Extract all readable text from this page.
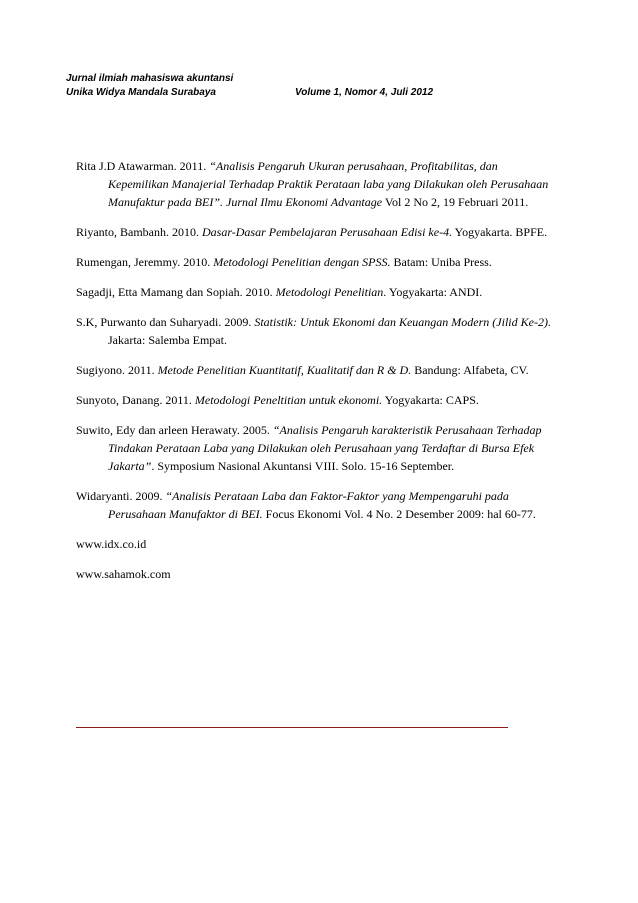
Jurnal ilmiah mahasiswa akuntansi
Unika Widya Mandala Surabaya	Volume 1, Nomor 4, Juli 2012

Rita J.D Atawarman. 2011. “Analisis Pengaruh Ukuran perusahaan, Profitabilitas, dan Kepemilikan Manajerial Terhadap Praktik Perataan laba yang Dilakukan oleh Perusahaan Manufaktur pada BEI”. Jurnal Ilmu Ekonomi Advantage Vol 2 No 2, 19 Februari 2011.

Riyanto, Bambanh. 2010. Dasar-Dasar Pembelajaran Perusahaan Edisi ke-4. Yogyakarta. BPFE.

Rumengan, Jeremmy. 2010. Metodologi Penelitian dengan SPSS. Batam: Uniba Press.

Sagadji, Etta Mamang dan Sopiah. 2010. Metodologi Penelitian. Yogyakarta: ANDI.

S.K, Purwanto dan Suharyadi. 2009. Statistik: Untuk Ekonomi dan Keuangan Modern (Jilid Ke-2). Jakarta: Salemba Empat.

Sugiyono. 2011. Metode Penelitian Kuantitatif, Kualitatif dan R & D. Bandung: Alfabeta, CV.

Sunyoto, Danang. 2011. Metodologi Peneltitian untuk ekonomi. Yogyakarta: CAPS.

Suwito, Edy dan arleen Herawaty. 2005. “Analisis Pengaruh karakteristik Perusahaan Terhadap Tindakan Perataan Laba yang Dilakukan oleh Perusahaan yang Terdaftar di Bursa Efek Jakarta”. Symposium Nasional Akuntansi VIII. Solo. 15-16 September.

Widaryanti. 2009. “Analisis Perataan Laba dan Faktor-Faktor yang Mempengaruhi pada Perusahaan Manufaktor di BEI. Focus Ekonomi Vol. 4 No. 2 Desember 2009: hal 60-77.

www.idx.co.id

www.sahamok.com
